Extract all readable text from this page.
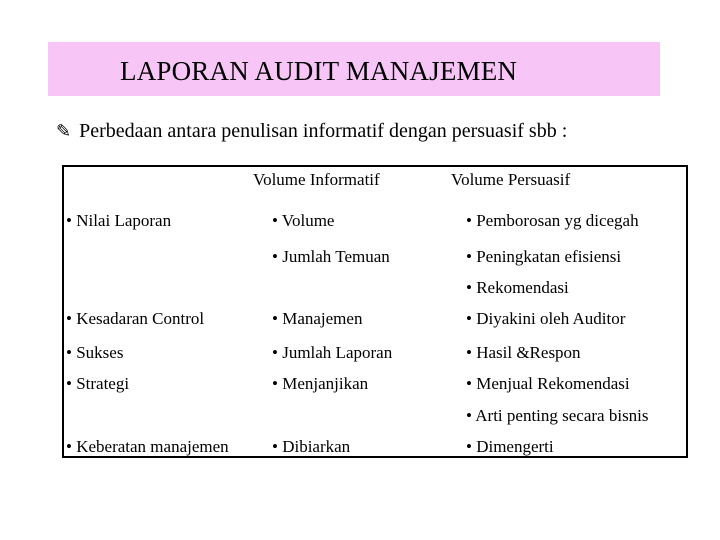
LAPORAN AUDIT MANAJEMEN
✎ Perbedaan antara penulisan informatif dengan persuasif sbb :
Volume Informatif	Volume Persuasif
• Nilai Laporan
• Kesadaran Control
• Sukses
• Strategi
• Keberatan manajemen
• Volume
• Jumlah Temuan
• Manajemen
• Jumlah Laporan
• Menjanjikan
• Dibiarkan
• Pemborosan yg dicegah
• Peningkatan efisiensi
• Rekomendasi
• Diyakini oleh Auditor
• Hasil &Respon
• Menjual Rekomendasi
• Arti penting secara bisnis
• Dimengerti
